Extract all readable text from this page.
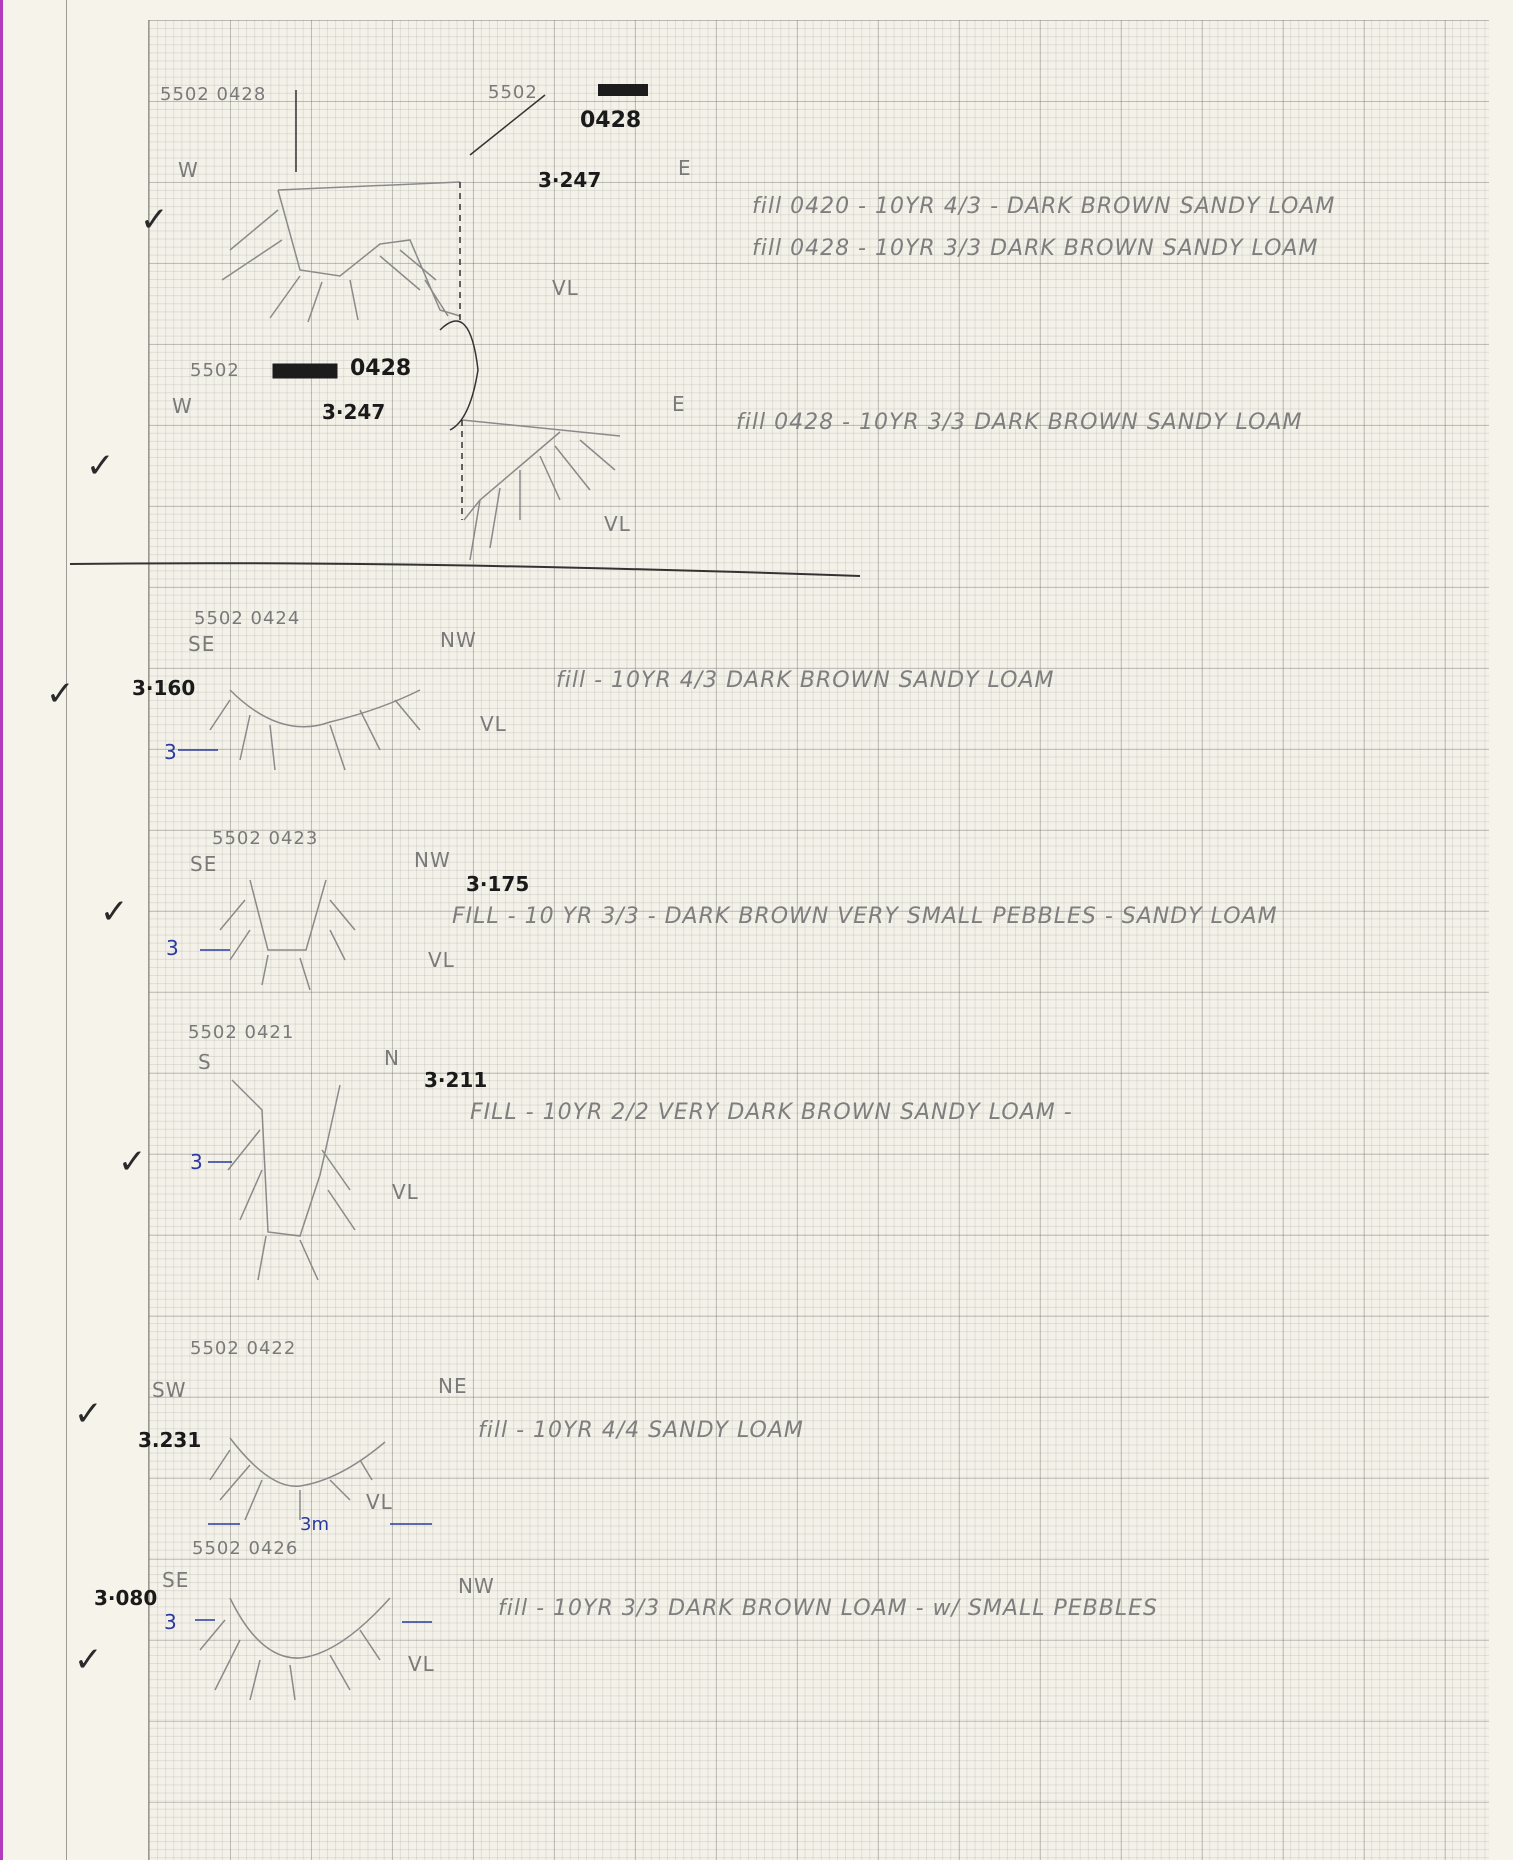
✓
✓
✓
✓
✓
✓
✓
5502 0428	5502
0428
W	E
3·247
VL
fill 0420 - 10YR 4/3 - DARK BROWN SANDY LOAM
fill 0428 - 10YR 3/3 DARK BROWN SANDY LOAM
5502	0428
W	E
3·247
VL
fill 0428 - 10YR 3/3 DARK BROWN SANDY LOAM
5502 0424
SE	NW
3·160
3
VL
fill - 10YR 4/3 DARK BROWN SANDY LOAM
5502 0423
SE	NW
3·175
3	VL
FILL - 10 YR 3/3 - DARK BROWN VERY SMALL PEBBLES - SANDY LOAM
5502 0421
S	N
3·211
3
VL
FILL - 10YR 2/2 VERY DARK BROWN SANDY LOAM -
5502 0422
SW	NE
3.231
3m
VL
fill - 10YR 4/4 SANDY LOAM
5502 0426
SE	NW
3·080
3
VL
fill - 10YR 3/3 DARK BROWN LOAM - w/ SMALL PEBBLES
